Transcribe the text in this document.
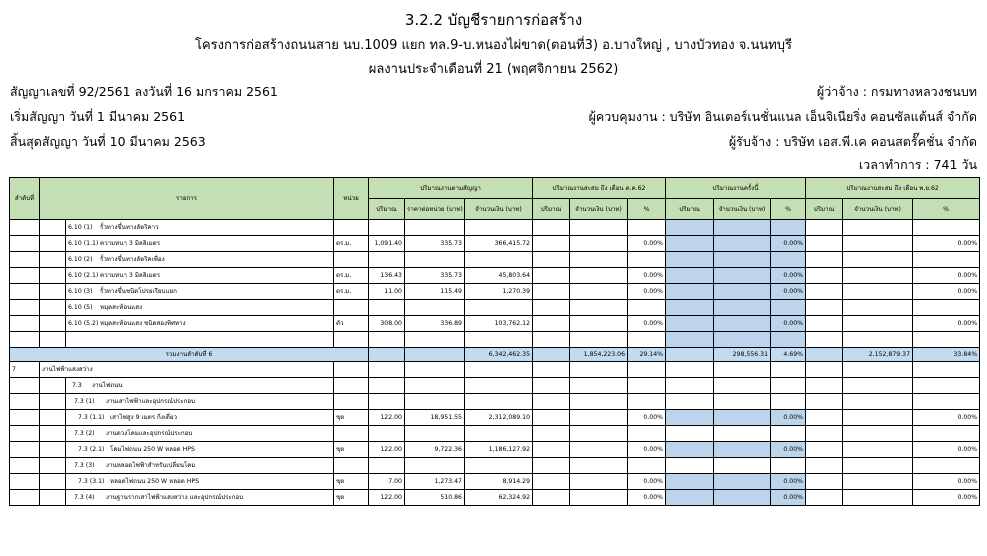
3.2.2 บัญชีรายการก่อสร้าง
โครงการก่อสร้างถนนสาย นบ.1009 แยก ทล.9-บ.หนองไผ่ขาด(ตอนที่3) อ.บางใหญ่ , บางบัวทอง จ.นนทบุรี
ผลงานประจำเดือนที่ 21 (พฤศจิกายน 2562)
สัญญาเลขที่ 92/2561 ลงวันที่ 16 มกราคม 2561
เริ่มสัญญา วันที่ 1 มีนาคม 2561
สิ้นสุดสัญญา วันที่ 10 มีนาคม 2563
ผู้ว่าจ้าง : กรมทางหลวงชนบท
ผู้ควบคุมงาน : บริษัท อินเตอร์เนชั่นแนล เอ็นจิเนียริ่ง คอนซัลแต้นส์ จำกัด
ผู้รับจ้าง : บริษัท เอส.พี.เค คอนสตรั๊คชั่น จำกัด
เวลาทำการ : 741 วัน
ลำดับที่	รายการ		หน่วย	ปริมาณงานตามสัญญา			ปริมาณงานสะสม ถึง เดือน ต.ค.62			ปริมาณงานครั้งนี้			ปริมาณงานสะสม ถึง เดือน พ.ย.62		
				ปริมาณ	ราคาต่อหน่วย (บาท)	จำนวนเงิน (บาท)	ปริมาณ	จำนวนเงิน (บาท)	%	ปริมาณ	จำนวนเงิน (บาท)	%	ปริมาณ	จำนวนเงิน (บาท)	%
		6.10 (1) รั้วทางขึ้นทางลัดริคาว													
		6.10 (1.1) ความหนา 3 มิลลิเมตร	ตร.ม.	1,091.40	335.73	366,415.72			0.00%			0.00%			0.00%
		6.10 (2) รั้วทางขึ้นทางลัดริคเพื่อง													
		6.10 (2.1) ความหนา 3 มิลลิเมตร	ตร.ม.	136.43	335.73	45,803.64			0.00%			0.00%			0.00%
		6.10 (3) รั้วทางขึ้นชนิดโปรยเรียบแยก	ตร.ม.	11.00	115.49	1,270.39			0.00%			0.00%			0.00%
		6.10 (5) หมุดสะท้อนแสง													
		6.10 (5.2) หมุดสะท้อนแสง ชนิดสองทิศทาง	ตัว	308.00	336.89	103,762.12			0.00%			0.00%			0.00%

รวมงานลำดับที่ 6						6,342,462.35		1,854,223.06	29.14%		298,556.31	4.69%		2,152,879.37	33.84%
7	งานไฟฟ้าแสงสว่าง														
		7.3 งานไฟถนน													
		7.3 (1) งานเสาไฟฟ้าและอุปกรณ์ประกอบ													
		7.3 (1.1) เสาไฟสูง 9 เมตร กิ่งเดี่ยว	ชุด	122.00	18,951.55	2,312,089.10			0.00%			0.00%			0.00%
		7.3 (2) งานดวงโคมและอุปกรณ์ประกอบ													
		7.3 (2.1) โคมไฟถนน 250 W หลอด HPS	ชุด	122.00	9,722.36	1,186,127.92			0.00%			0.00%			0.00%
		7.3 (3) งานหลอดไฟฟ้าสำหรับเปลี่ยนโคม													
		7.3 (3.1) หลอดไฟถนน 250 W หลอด HPS	ชุด	7.00	1,273.47	8,914.29			0.00%			0.00%			0.00%
		7.3 (4) งานฐานรากเสาไฟฟ้าแสงสว่าง และอุปกรณ์ประกอบ	ชุด	122.00	510.86	62,324.92			0.00%			0.00%			0.00%
